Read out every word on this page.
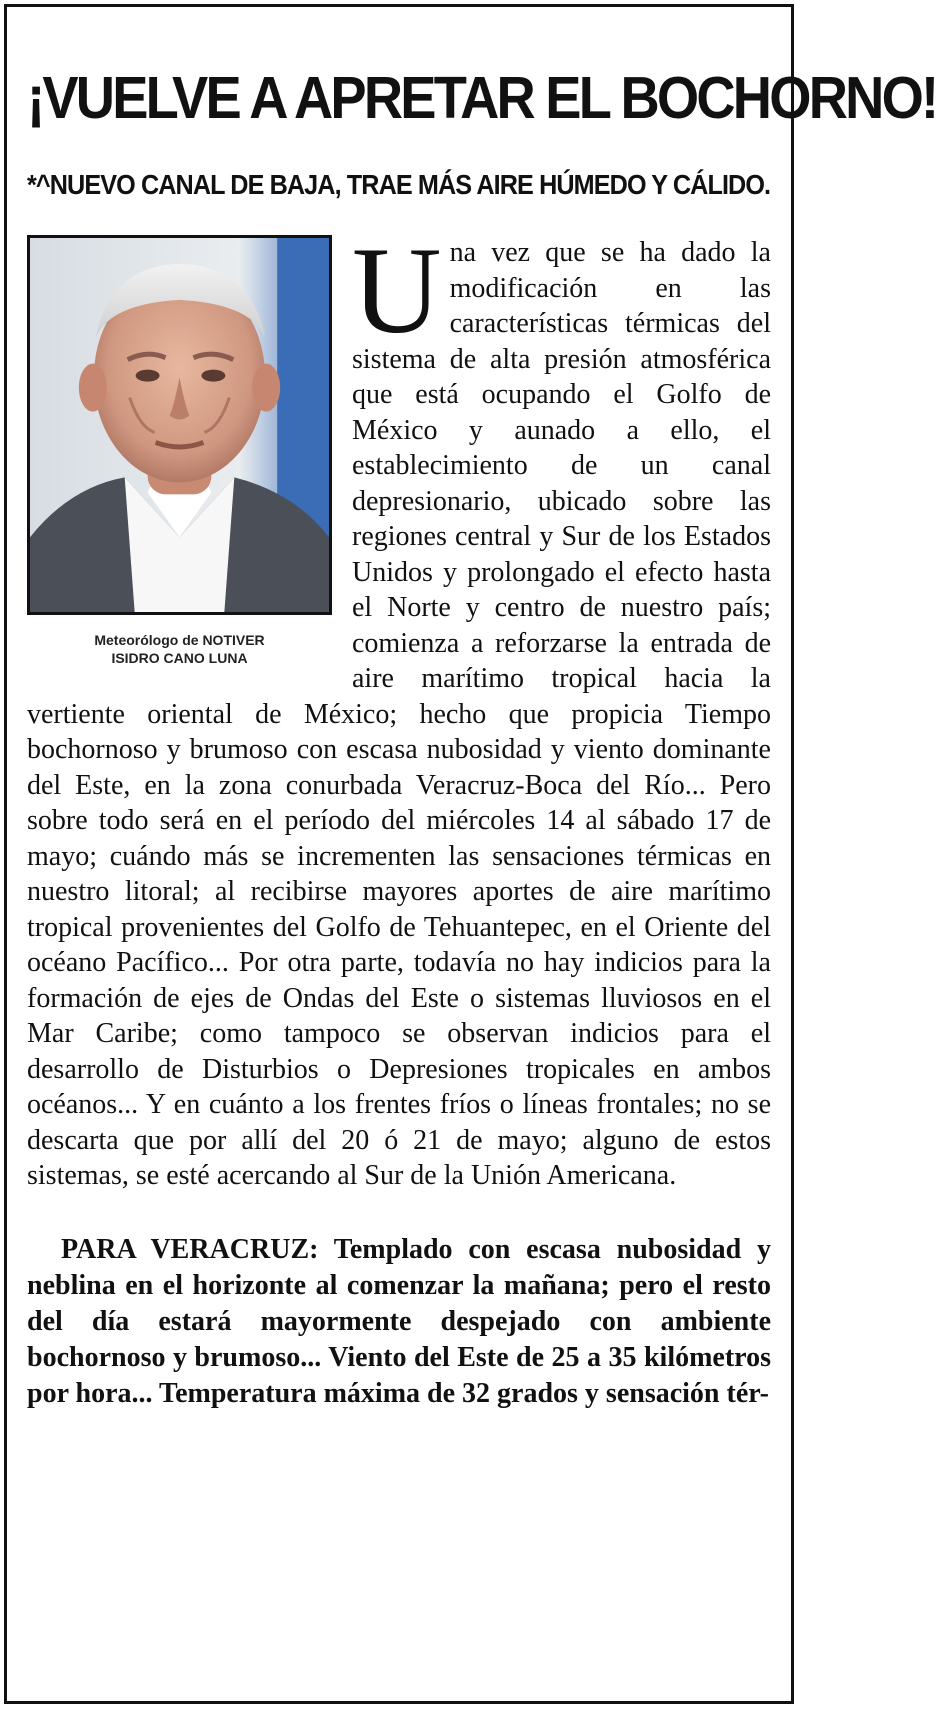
¡VUELVE A APRETAR EL BOCHORNO!
*^NUEVO CANAL DE BAJA, TRAE MÁS AIRE HÚMEDO Y CÁLIDO.
Meteorólogo de NOTIVER
ISIDRO CANO LUNA
U na vez que se ha dado la modificación en las características térmicas del sistema de alta presión atmosférica que está ocupando el Golfo de México y aunado a ello, el establecimiento de un canal depresionario, ubicado sobre las regiones central y Sur de los Estados Unidos y prolongado el efecto hasta el Norte y centro de nuestro país; comienza a reforzarse la entrada de aire marítimo tropical hacia la vertiente oriental de México; hecho que propicia Tiempo bochornoso y brumoso con escasa nubosidad y viento dominante del Este, en la zona conurbada Veracruz-Boca del Río... Pero sobre todo será en el período del miércoles 14 al sábado 17 de mayo; cuándo más se incrementen las sensaciones térmicas en nuestro litoral; al recibirse mayores aportes de aire marítimo tropical provenientes del Golfo de Tehuantepec, en el Oriente del océano Pacífico... Por otra parte, todavía no hay indicios para la formación de ejes de Ondas del Este o sistemas lluviosos en el Mar Caribe; como tampoco se observan indicios para el desarrollo de Disturbios o Depresiones tropicales en ambos océanos... Y en cuánto a los frentes fríos o líneas frontales; no se descarta que por allí del 20 ó 21 de mayo; alguno de estos sistemas, se esté acercando al Sur de la Unión Americana.

PARA VERACRUZ: Templado con escasa nubosidad y neblina en el horizonte al comenzar la mañana; pero el resto del día estará mayormente despejado con ambiente bochornoso y brumoso... Viento del Este de 25 a 35 kilómetros por hora... Temperatura máxima de 32 grados y sensación tér-
